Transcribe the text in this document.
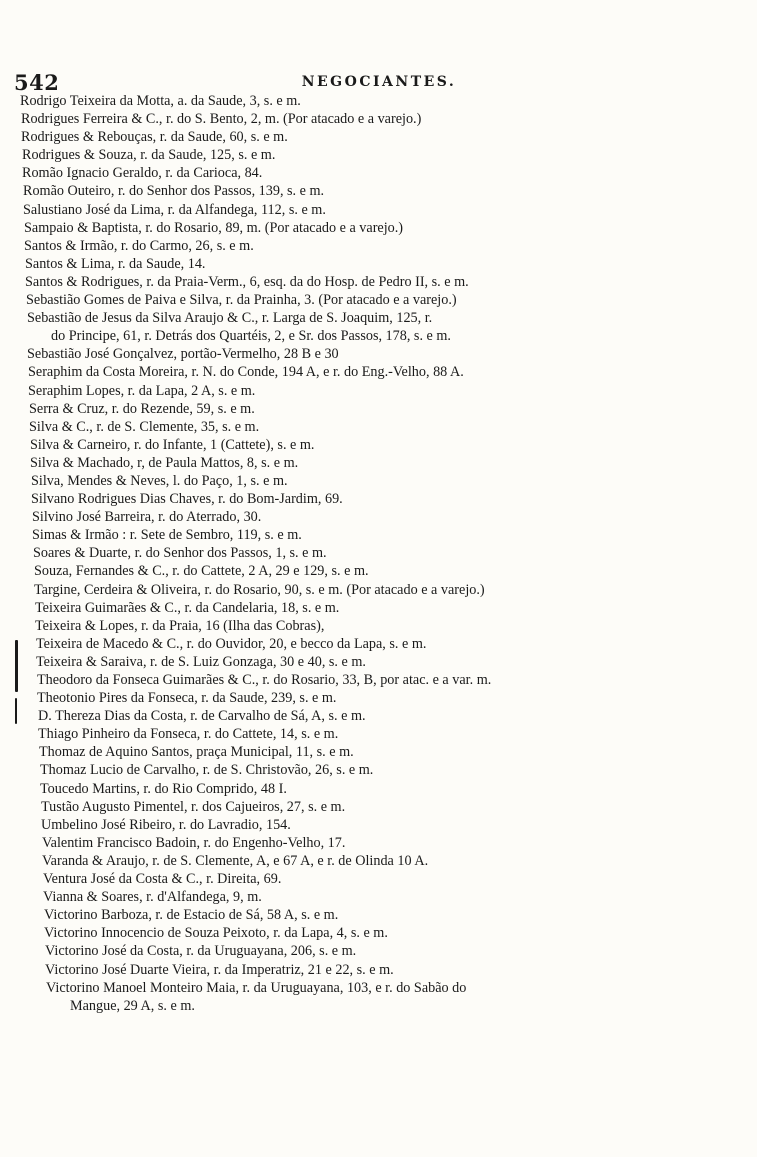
542	NEGOCIANTES.
Rodrigo Teixeira da Motta, a. da Saude, 3, s. e m.
Rodrigues Ferreira & C., r. do S. Bento, 2, m. (Por atacado e a varejo.)
Rodrigues & Rebouças, r. da Saude, 60, s. e m.
Rodrigues & Souza, r. da Saude, 125, s. e m.
Romão Ignacio Geraldo, r. da Carioca, 84.
Romão Outeiro, r. do Senhor dos Passos, 139, s. e m.
Salustiano José da Lima, r. da Alfandega, 112, s. e m.
Sampaio & Baptista, r. do Rosario, 89, m. (Por atacado e a varejo.)
Santos & Irmão, r. do Carmo, 26, s. e m.
Santos & Lima, r. da Saude, 14.
Santos & Rodrigues, r. da Praia-Verm., 6, esq. da do Hosp. de Pedro II, s. e m.
Sebastião Gomes de Paiva e Silva, r. da Prainha, 3. (Por atacado e a varejo.)
Sebastião de Jesus da Silva Araujo & C., r. Larga de S. Joaquim, 125, r.
do Principe, 61, r. Detrás dos Quartéis, 2, e Sr. dos Passos, 178, s. e m.
Sebastião José Gonçalvez, portão-Vermelho, 28 B e 30
Seraphim da Costa Moreira, r. N. do Conde, 194 A, e r. do Eng.-Velho, 88 A.
Seraphim Lopes, r. da Lapa, 2 A, s. e m.
Serra & Cruz, r. do Rezende, 59, s. e m.
Silva & C., r. de S. Clemente, 35, s. e m.
Silva & Carneiro, r. do Infante, 1 (Cattete), s. e m.
Silva & Machado, r, de Paula Mattos, 8, s. e m.
Silva, Mendes & Neves, l. do Paço, 1, s. e m.
Silvano Rodrigues Dias Chaves, r. do Bom-Jardim, 69.
Silvino José Barreira, r. do Aterrado, 30.
Simas & Irmão : r. Sete de Sembro, 119, s. e m.
Soares & Duarte, r. do Senhor dos Passos, 1, s. e m.
Souza, Fernandes & C., r. do Cattete, 2 A, 29 e 129, s. e m.
Targine, Cerdeira & Oliveira, r. do Rosario, 90, s. e m. (Por atacado e a varejo.)
Teixeira Guimarães & C., r. da Candelaria, 18, s. e m.
Teixeira & Lopes, r. da Praia, 16 (Ilha das Cobras),
Teixeira de Macedo & C., r. do Ouvidor, 20, e becco da Lapa, s. e m.
Teixeira & Saraiva, r. de S. Luiz Gonzaga, 30 e 40, s. e m.
Theodoro da Fonseca Guimarães & C., r. do Rosario, 33, B, por atac. e a var. m.
Theotonio Pires da Fonseca, r. da Saude, 239, s. e m.
D. Thereza Dias da Costa, r. de Carvalho de Sá, A, s. e m.
Thiago Pinheiro da Fonseca, r. do Cattete, 14, s. e m.
Thomaz de Aquino Santos, praça Municipal, 11, s. e m.
Thomaz Lucio de Carvalho, r. de S. Christovão, 26, s. e m.
Toucedo Martins, r. do Rio Comprido, 48 I.
Tustão Augusto Pimentel, r. dos Cajueiros, 27, s. e m.
Umbelino José Ribeiro, r. do Lavradio, 154.
Valentim Francisco Badoin, r. do Engenho-Velho, 17.
Varanda & Araujo, r. de S. Clemente, A, e 67 A, e r. de Olinda 10 A.
Ventura José da Costa & C., r. Direita, 69.
Vianna & Soares, r. d'Alfandega, 9, m.
Victorino Barboza, r. de Estacio de Sá, 58 A, s. e m.
Victorino Innocencio de Souza Peixoto, r. da Lapa, 4, s. e m.
Victorino José da Costa, r. da Uruguayana, 206, s. e m.
Victorino José Duarte Vieira, r. da Imperatriz, 21 e 22, s. e m.
Victorino Manoel Monteiro Maia, r. da Uruguayana, 103, e r. do Sabão do
Mangue, 29 A, s. e m.
